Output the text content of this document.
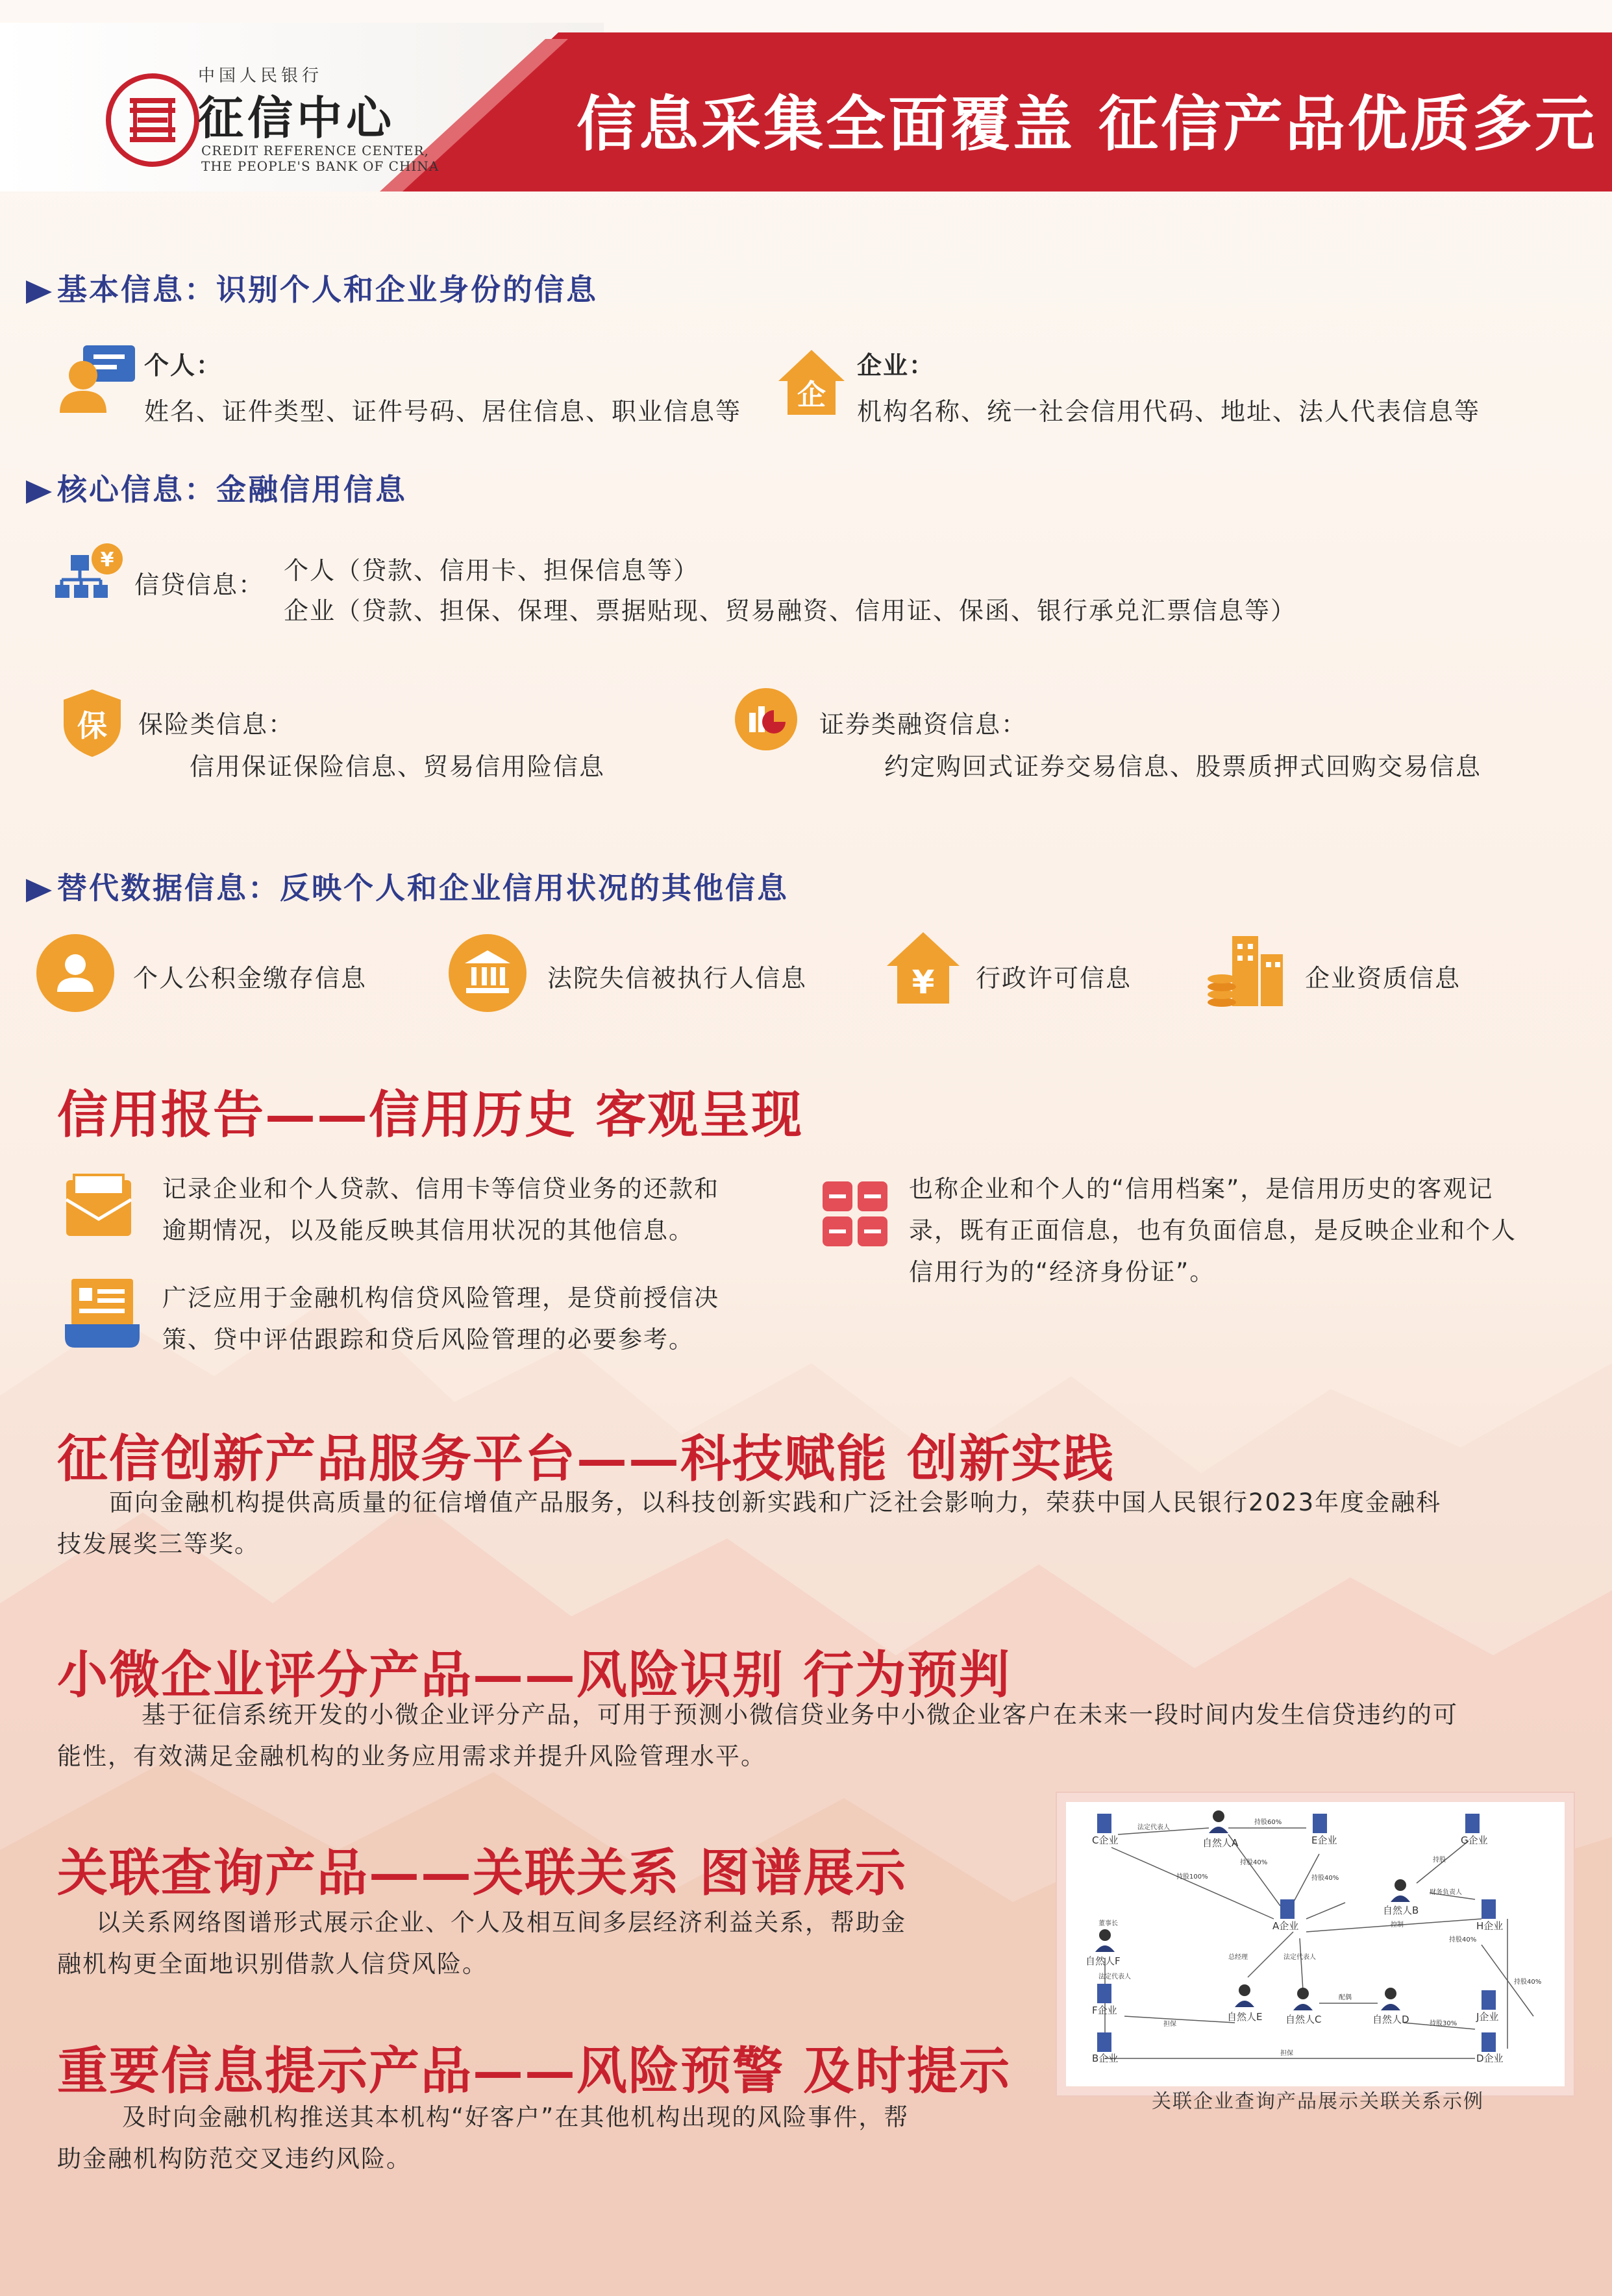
中国人民银行
征信中心
CREDIT REFERENCE CENTER,
THE PEOPLE'S BANK OF CHINA
信息采集全面覆盖 征信产品优质多元
基本信息：识别个人和企业身份的信息
个人：
姓名、证件类型、证件号码、居住信息、职业信息等 企
企业：
机构名称、统一社会信用代码、地址、法人代表信息等
核心信息：金融信用信息
¥
信贷信息： 个人（贷款、信用卡、担保信息等）
企业（贷款、担保、保理、票据贴现、贸易融资、信用证、保函、银行承兑汇票信息等）
保 保险类信息：
信用保证保险信息、贸易信用险信息
证券类融资信息：
约定购回式证券交易信息、股票质押式回购交易信息
替代数据信息：反映个人和企业信用状况的其他信息
个人公积金缴存信息	法院失信被执行人信息	¥ 行政许可信息	企业资质信息
信用报告——信用历史 客观呈现
记录企业和个人贷款、信用卡等信贷业务的还款和
逾期情况，以及能反映其信用状况的其他信息。
广泛应用于金融机构信贷风险管理，是贷前授信决
策、贷中评估跟踪和贷后风险管理的必要参考。
也称企业和个人的“信用档案”，是信用历史的客观记
录，既有正面信息，也有负面信息，是反映企业和个人
信用行为的“经济身份证”。
征信创新产品服务平台——科技赋能 创新实践
面向金融机构提供高质量的征信增值产品服务，以科技创新实践和广泛社会影响力，荣获中国人民银行2023年度金融科
技发展奖三等奖。
小微企业评分产品——风险识别 行为预判
基于征信系统开发的小微企业评分产品，可用于预测小微信贷业务中小微企业客户在未来一段时间内发生信贷违约的可
能性，有效满足金融机构的业务应用需求并提升风险管理水平。
关联查询产品——关联关系 图谱展示
以关系网络图谱形式展示企业、个人及相互间多层经济利益关系，帮助金
融机构更全面地识别借款人信贷风险。
重要信息提示产品——风险预警 及时提示
及时向金融机构推送其本机构“好客户”在其他机构出现的风险事件，帮
助金融机构防范交叉违约风险。
C企业	自然人A	E企业	G企业
A企业
自然人B
H企业
自然人F
F企业
自然人E 自然人C	自然人D	J企业
B企业	D企业
法定代表人
持股60%
持股40%
持股100%	持股40%
持股
董事长
法定代表人
财务负责人
持股40%
总经理	法定代表人
配偶
控制
持股30%
担保
担保
持股40%
关联企业查询产品展示关联关系示例
